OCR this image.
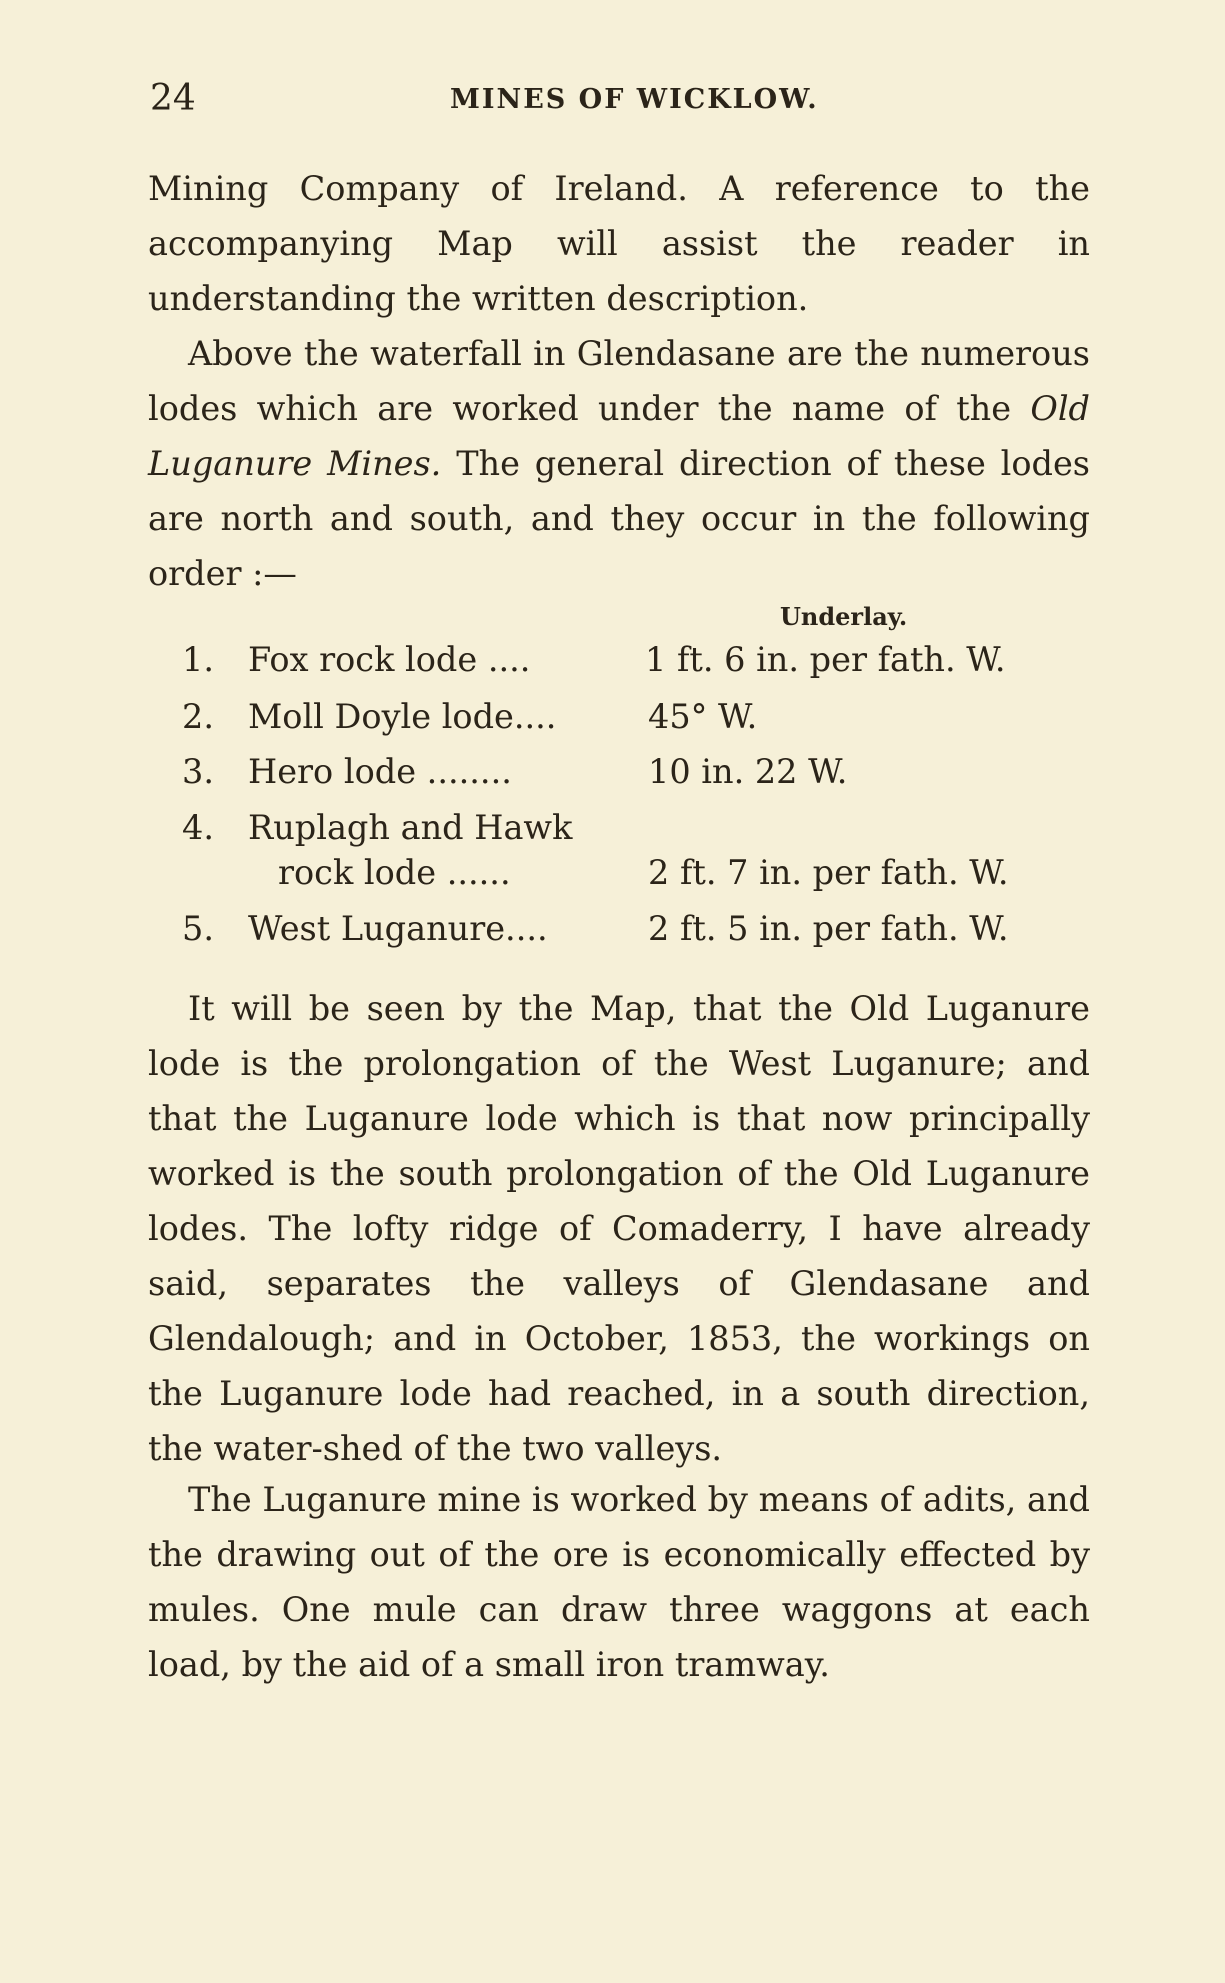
24	MINES OF WICKLOW.

Mining Company of Ireland. A reference to the accompanying Map will assist the reader in understanding the written description.

Above the waterfall in Glendasane are the numerous lodes which are worked under the name of the Old Luganure Mines. The general direction of these lodes are north and south, and they occur in the following order :—

Underlay.
1. Fox rock lode ....	1 ft. 6 in. per fath. W.
2. Moll Doyle lode....	45° W.
3. Hero lode ........	10 in. 22 W.
4. Ruplagh and Hawk
rock lode ......	2 ft. 7 in. per fath. W.
5. West Luganure....	2 ft. 5 in. per fath. W.

It will be seen by the Map, that the Old Luganure lode is the prolongation of the West Luganure; and that the Luganure lode which is that now principally worked is the south prolongation of the Old Luganure lodes. The lofty ridge of Comaderry, I have already said, separates the valleys of Glendasane and Glendalough; and in October, 1853, the workings on the Luganure lode had reached, in a south direction, the water-shed of the two valleys.

The Luganure mine is worked by means of adits, and the drawing out of the ore is economically effected by mules. One mule can draw three waggons at each load, by the aid of a small iron tramway.
